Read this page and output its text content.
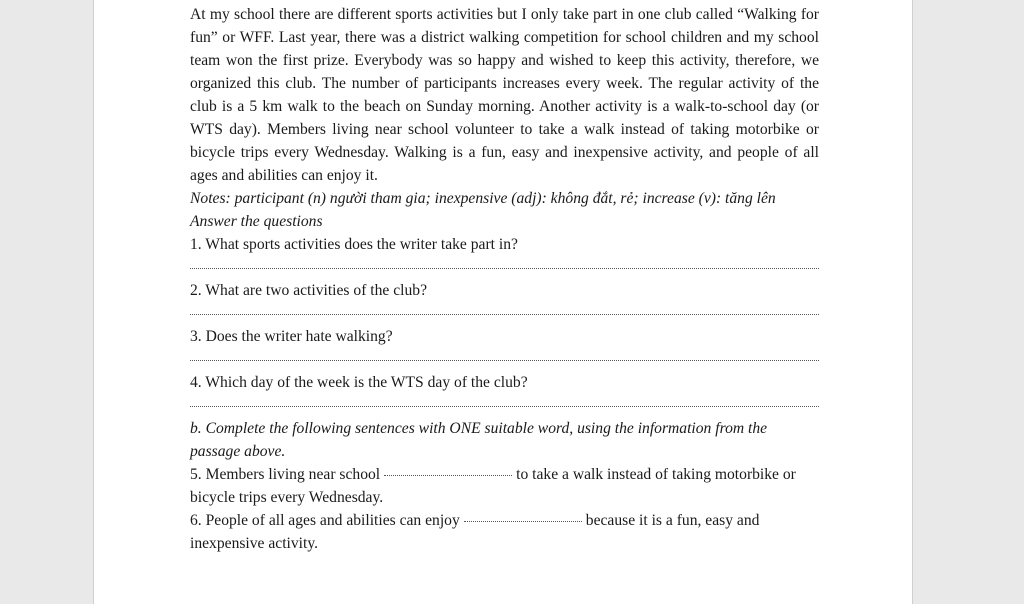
At my school there are different sports activities but I only take part in one club called “Walking for fun” or WFF. Last year, there was a district walking competition for school children and my school team won the first prize. Everybody was so happy and wished to keep this activity, therefore, we organized this club. The number of participants increases every week. The regular activity of the club is a 5 km walk to the beach on Sunday morning. Another activity is a walk-to-school day (or WTS day). Members living near school volunteer to take a walk instead of taking motorbike or bicycle trips every Wednesday. Walking is a fun, easy and inexpensive activity, and people of all ages and abilities can enjoy it.

Notes: participant (n) người tham gia; inexpensive (adj): không đắt, rẻ; increase (v): tăng lên

Answer the questions

1. What sports activities does the writer take part in?

2. What are two activities of the club?

3. Does the writer hate walking?

4. Which day of the week is the WTS day of the club?

b. Complete the following sentences with ONE suitable word, using the information from the passage above.

5. Members living near school	to take a walk instead of taking motorbike or bicycle trips every Wednesday.

6. People of all ages and abilities can enjoy	because it is a fun, easy and inexpensive activity.
